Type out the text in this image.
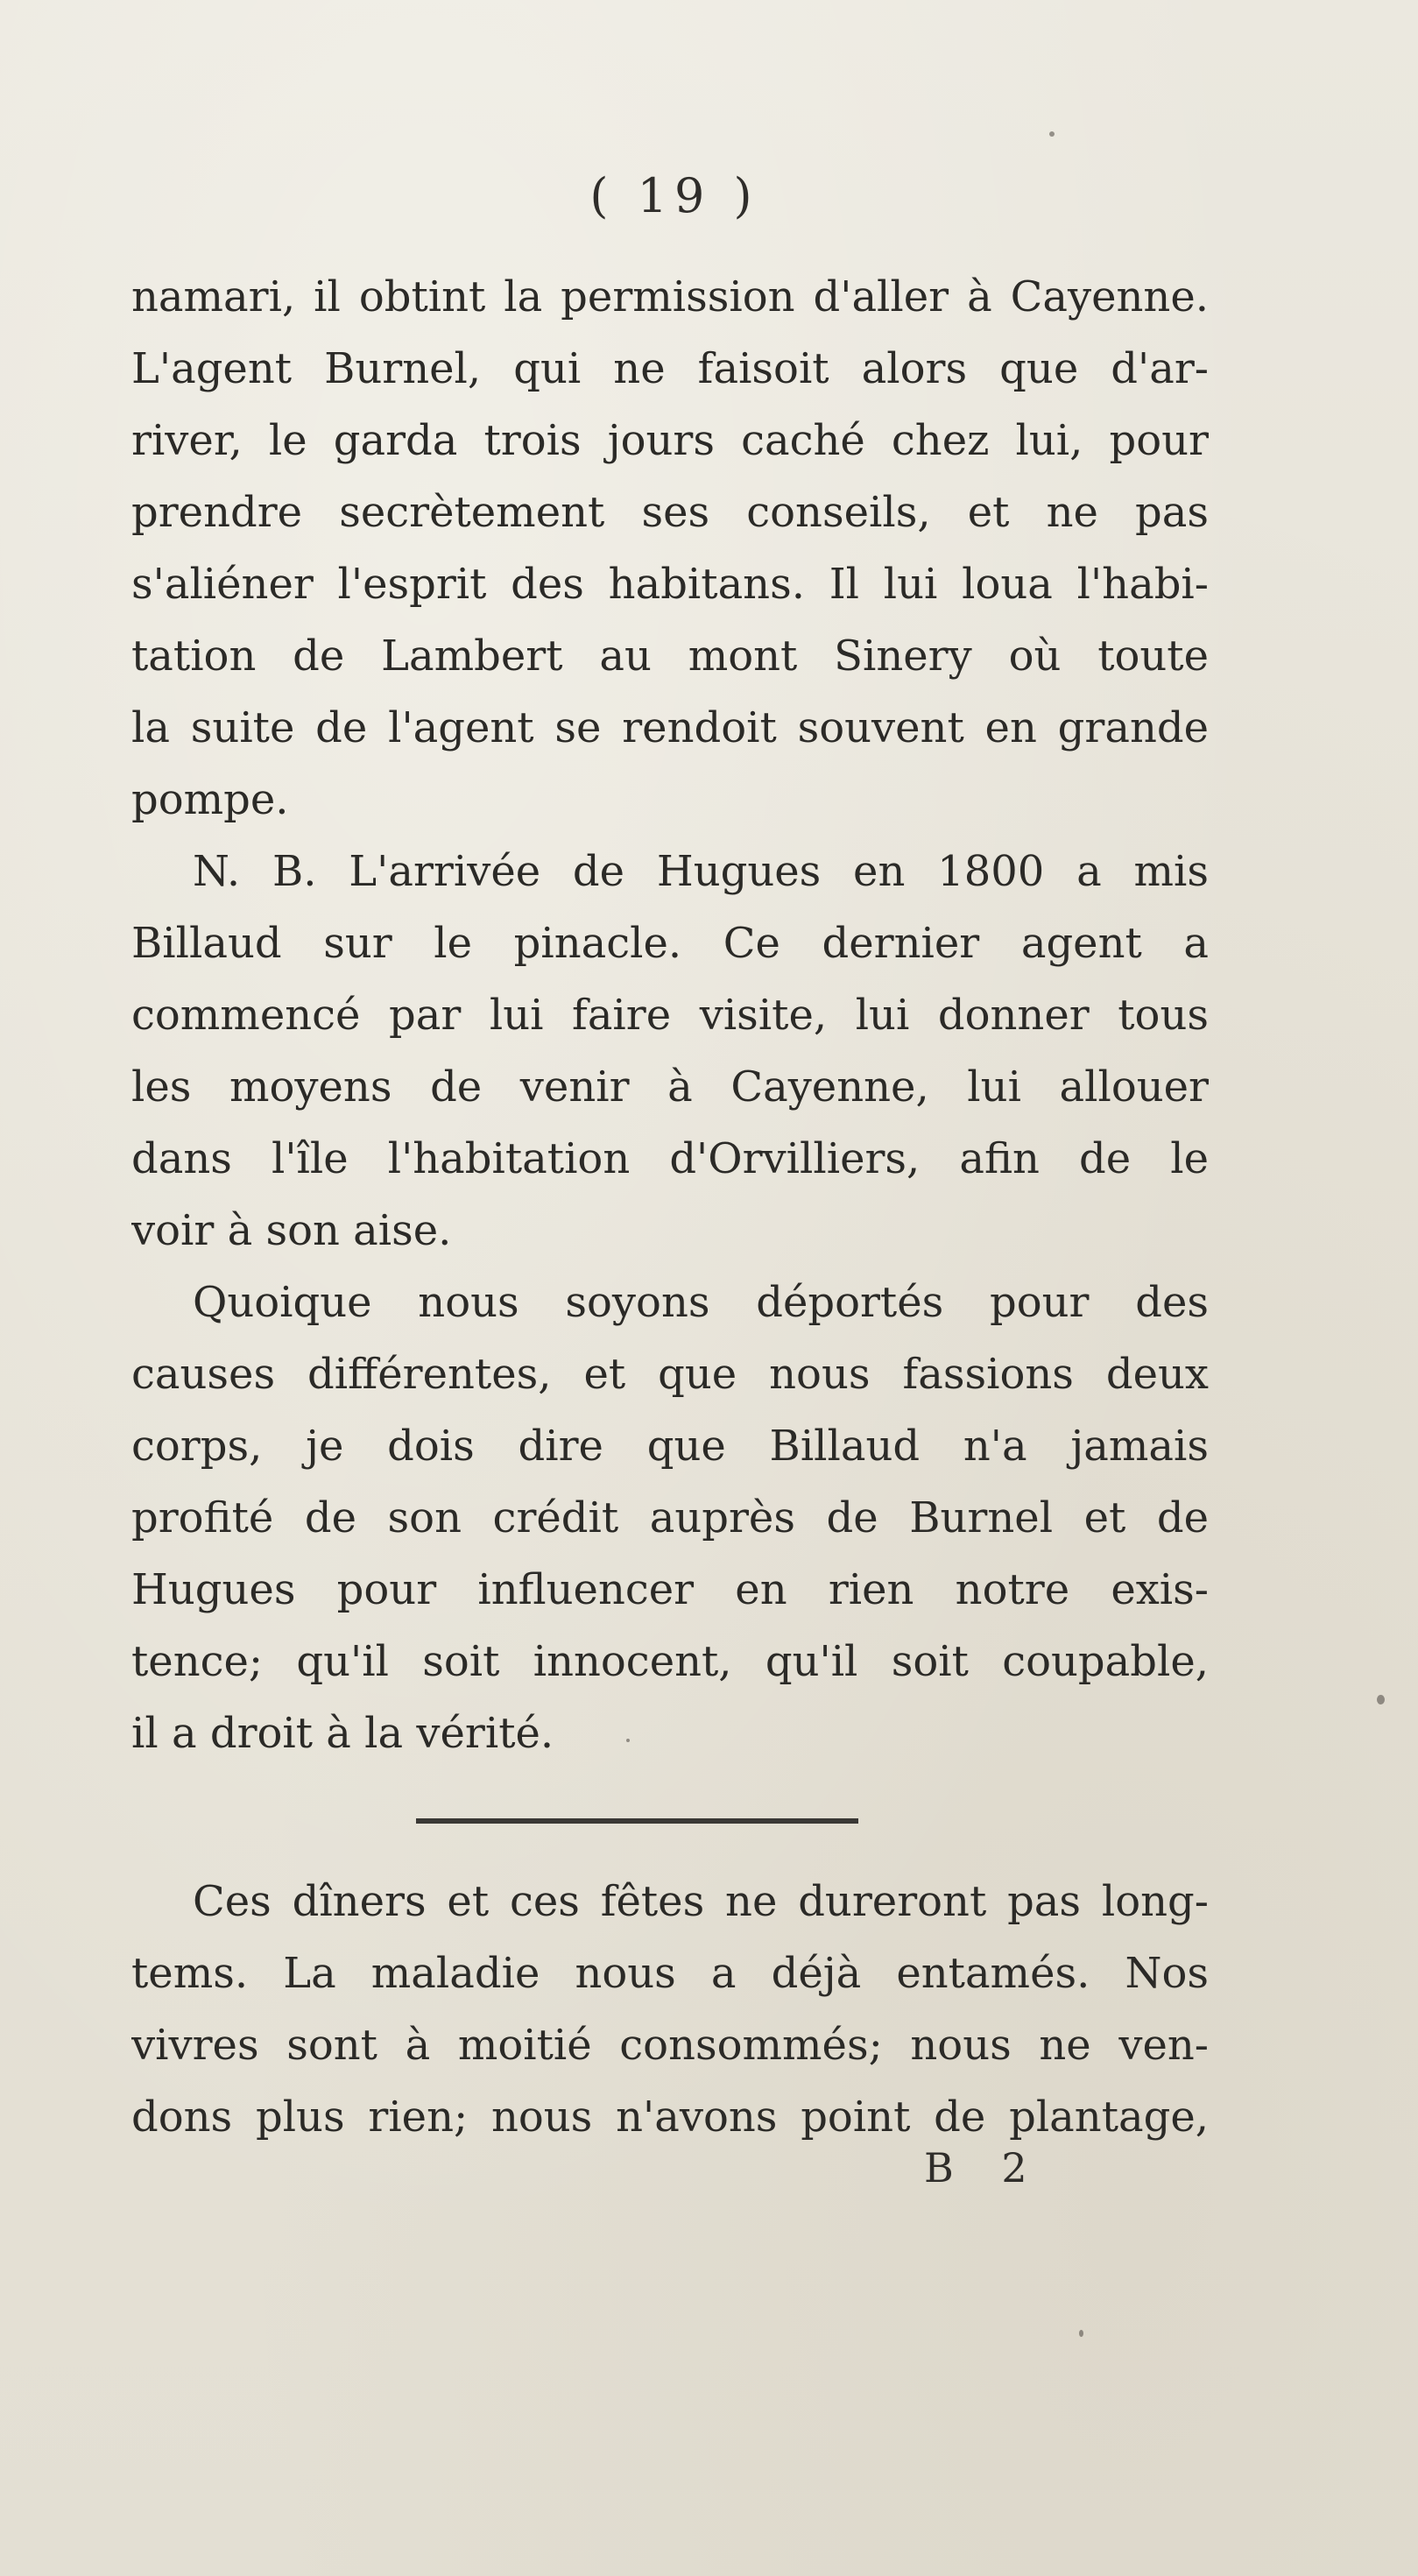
( 19 )
namari, il obtint la permission d'aller à Cayenne.
L'agent Burnel, qui ne faisoit alors que d'ar-
river, le garda trois jours caché chez lui, pour
prendre secrètement ses conseils, et ne pas
s'aliéner l'esprit des habitans. Il lui loua l'habi-
tation de Lambert au mont Sinery où toute
la suite de l'agent se rendoit souvent en grande
pompe.
N. B. L'arrivée de Hugues en 1800 a mis
Billaud sur le pinacle. Ce dernier agent a
commencé par lui faire visite, lui donner tous
les moyens de venir à Cayenne, lui allouer
dans l'île l'habitation d'Orvilliers, afin de le
voir à son aise.
Quoique nous soyons déportés pour des
causes différentes, et que nous fassions deux
corps, je dois dire que Billaud n'a jamais
profité de son crédit auprès de Burnel et de
Hugues pour influencer en rien notre exis-
tence; qu'il soit innocent, qu'il soit coupable,
il a droit à la vérité.
Ces dîners et ces fêtes ne dureront pas long-
tems. La maladie nous a déjà entamés. Nos
vivres sont à moitié consommés; nous ne ven-
dons plus rien; nous n'avons point de plantage,
B 2
